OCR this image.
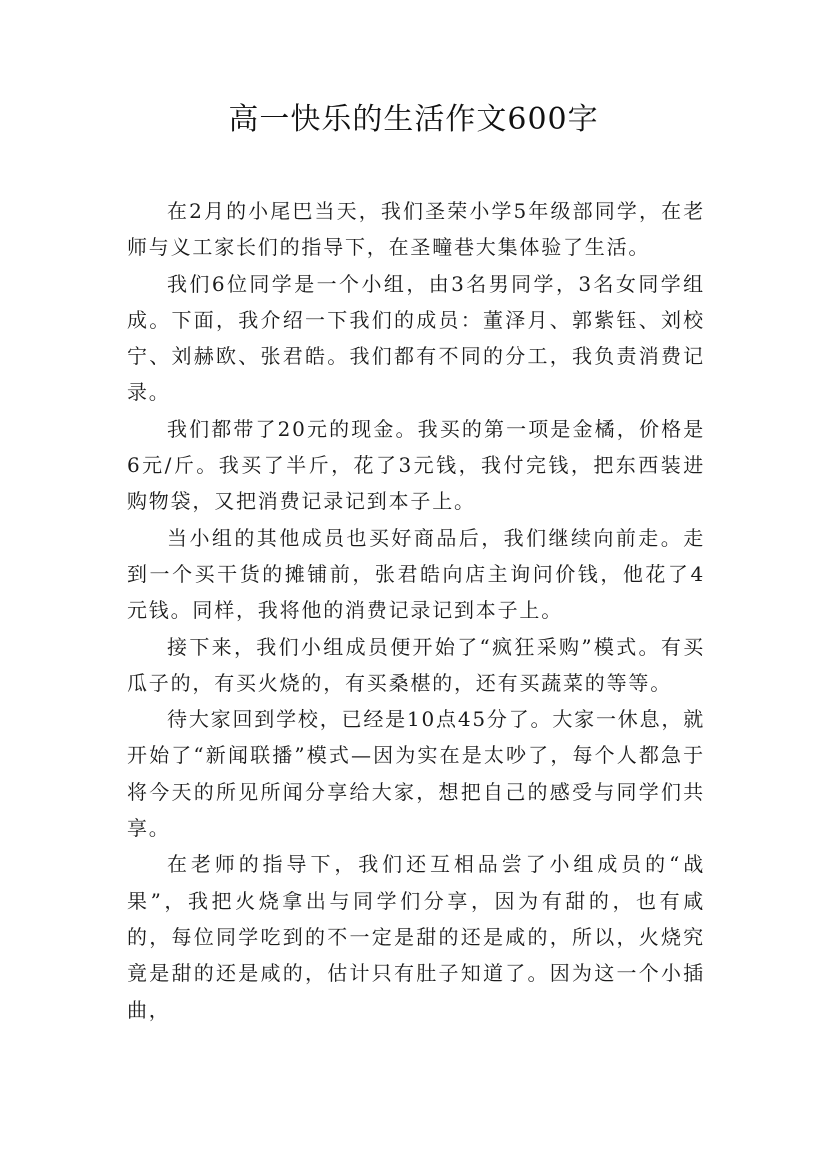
高一快乐的生活作文600字

在2月的小尾巴当天，我们圣荣小学5年级部同学，在老师与义工家长们的指导下，在圣疃巷大集体验了生活。

我们6位同学是一个小组，由3名男同学，3名女同学组成。下面，我介绍一下我们的成员：董泽月、郭紫钰、刘校宁、刘赫欧、张君皓。我们都有不同的分工，我负责消费记录。

我们都带了20元的现金。我买的第一项是金橘，价格是6元/斤。我买了半斤，花了3元钱，我付完钱，把东西装进购物袋，又把消费记录记到本子上。

当小组的其他成员也买好商品后，我们继续向前走。走到一个买干货的摊铺前，张君皓向店主询问价钱，他花了4元钱。同样，我将他的消费记录记到本子上。

接下来，我们小组成员便开始了“疯狂采购”模式。有买瓜子的，有买火烧的，有买桑椹的，还有买蔬菜的等等。

待大家回到学校，已经是10点45分了。大家一休息，就开始了“新闻联播”模式—因为实在是太吵了，每个人都急于将今天的所见所闻分享给大家，想把自己的感受与同学们共享。

在老师的指导下，我们还互相品尝了小组成员的“战果”，我把火烧拿出与同学们分享，因为有甜的，也有咸的，每位同学吃到的不一定是甜的还是咸的，所以，火烧究竟是甜的还是咸的，估计只有肚子知道了。因为这一个小插曲，
